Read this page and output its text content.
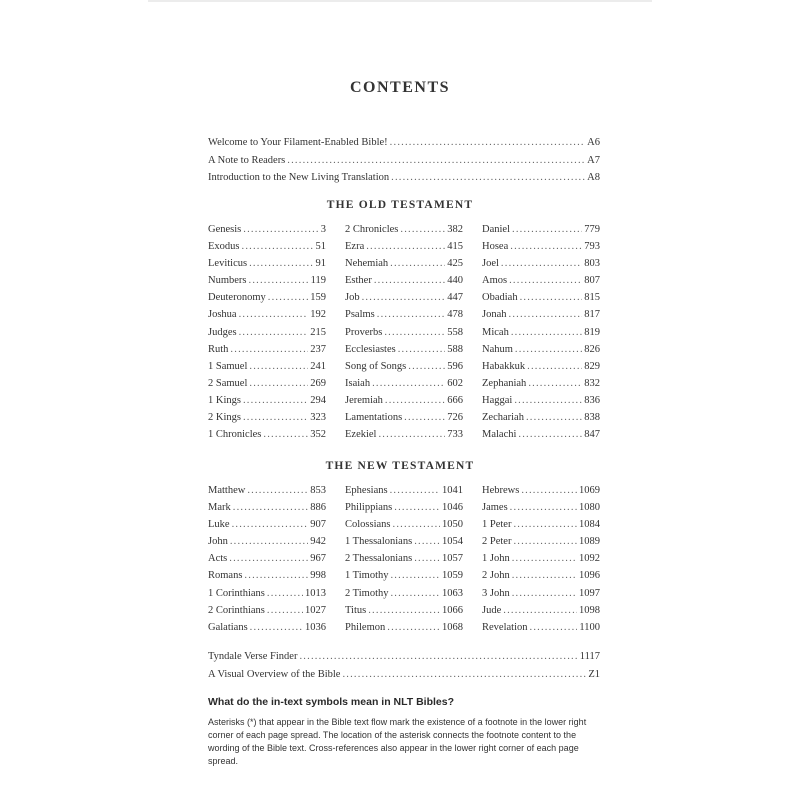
CONTENTS
Welcome to Your Filament-Enabled Bible! .....	A6
A Note to Readers .....	A7
Introduction to the New Living Translation .....	A8
THE OLD TESTAMENT
Genesis .....	3
Exodus .....	51
Leviticus .....	91
Numbers .....	119
Deuteronomy .....	159
Joshua .....	192
Judges .....	215
Ruth .....	237
1 Samuel .....	241
2 Samuel .....	269
1 Kings .....	294
2 Kings .....	323
1 Chronicles .....	352
2 Chronicles .....	382
Ezra .....	415
Nehemiah .....	425
Esther .....	440
Job .....	447
Psalms .....	478
Proverbs .....	558
Ecclesiastes .....	588
Song of Songs .....	596
Isaiah .....	602
Jeremiah .....	666
Lamentations .....	726
Ezekiel .....	733
Daniel .....	779
Hosea .....	793
Joel .....	803
Amos .....	807
Obadiah .....	815
Jonah .....	817
Micah .....	819
Nahum .....	826
Habakkuk .....	829
Zephaniah .....	832
Haggai .....	836
Zechariah .....	838
Malachi .....	847
THE NEW TESTAMENT
Matthew .....	853
Mark .....	886
Luke .....	907
John .....	942
Acts .....	967
Romans .....	998
1 Corinthians .....	1013
2 Corinthians .....	1027
Galatians .....	1036
Ephesians .....	1041
Philippians .....	1046
Colossians .....	1050
1 Thessalonians .....	1054
2 Thessalonians .....	1057
1 Timothy .....	1059
2 Timothy .....	1063
Titus .....	1066
Philemon .....	1068
Hebrews .....	1069
James .....	1080
1 Peter .....	1084
2 Peter .....	1089
1 John .....	1092
2 John .....	1096
3 John .....	1097
Jude .....	1098
Revelation .....	1100
Tyndale Verse Finder .....	1117
A Visual Overview of the Bible .....	Z1
What do the in-text symbols mean in NLT Bibles?
Asterisks (*) that appear in the Bible text flow mark the existence of a footnote in the lower right corner of each page spread. The location of the asterisk connects the footnote content to the wording of the Bible text. Cross-references also appear in the lower right corner of each page spread.
